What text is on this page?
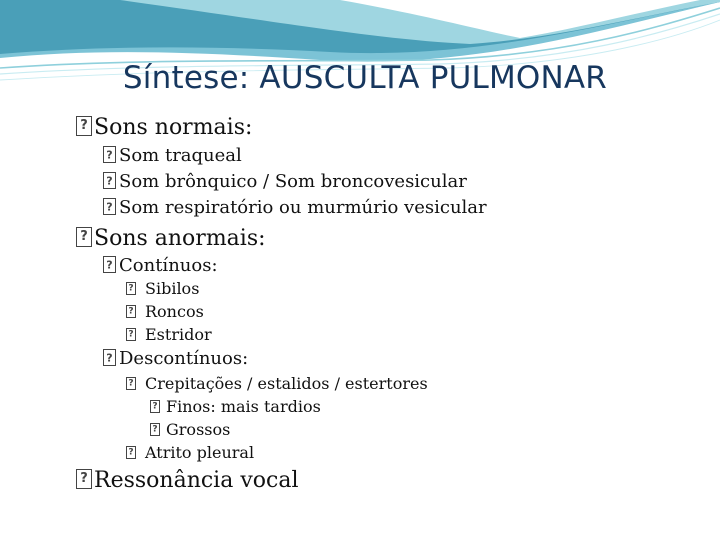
Síntese: AUSCULTA PULMONAR
?Sons normais:
?Som traqueal
?Som brônquico / Som broncovesicular
?Som respiratório ou murmúrio vesicular
?Sons anormais:
?Contínuos:
?Sibilos
?Roncos
?Estridor
?Descontínuos:
?Crepitações / estalidos / estertores
?Finos: mais tardios
?Grossos
?Atrito pleural
?Ressonância vocal
